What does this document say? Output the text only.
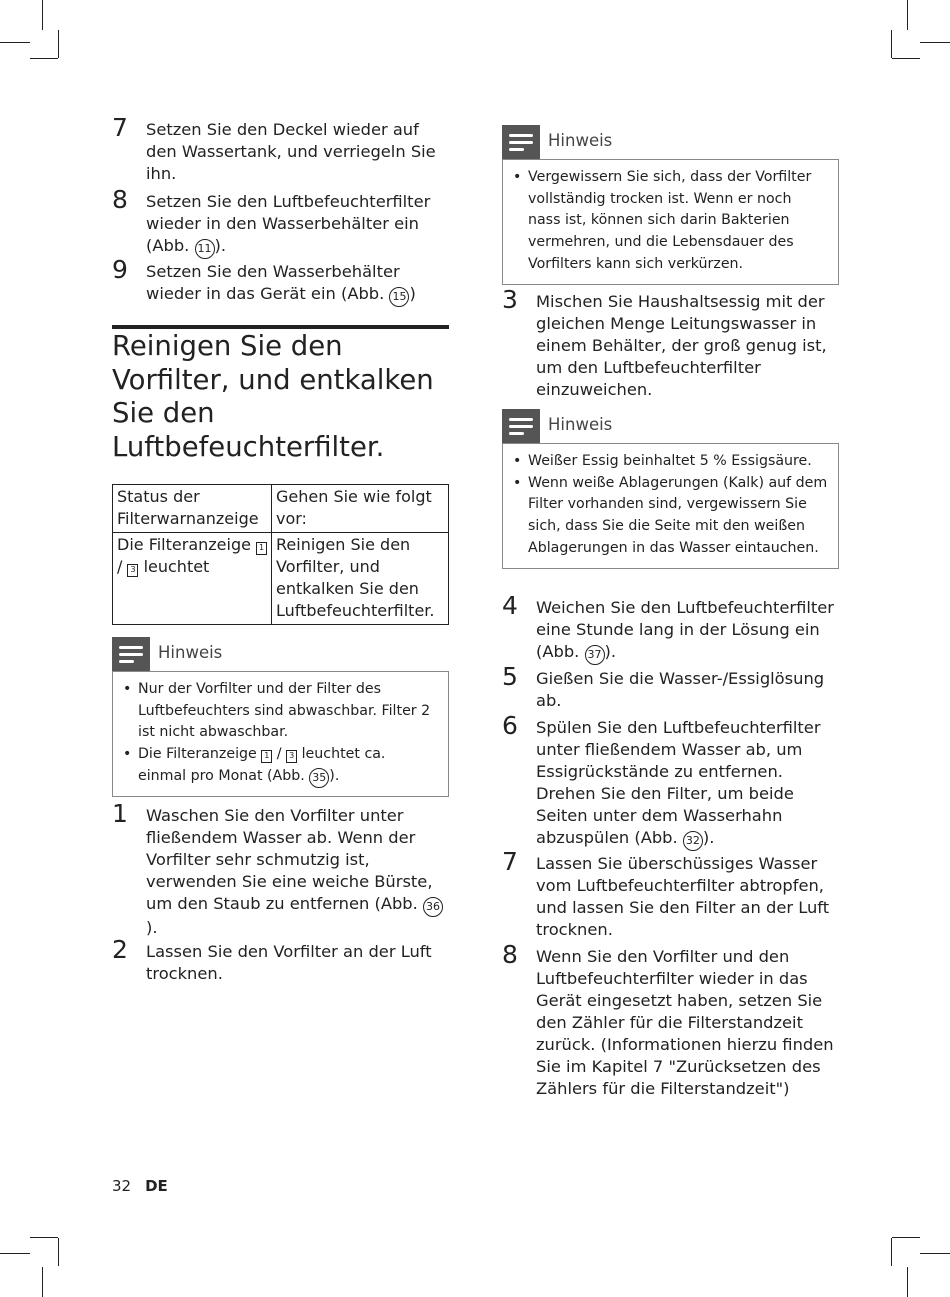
7 Setzen Sie den Deckel wieder auf den Wassertank, und verriegeln Sie ihn.
8 Setzen Sie den Luftbefeuchterfilter wieder in den Wasserbehälter ein (Abb. 11 ).
9 Setzen Sie den Wasserbehälter wieder in das Gerät ein (Abb. 15 )
Reinigen Sie den Vorfilter, und entkalken Sie den Luftbefeuchterfilter.
Status der Filterwarnanzeige	Gehen Sie wie folgt vor:
Die Filteranzeige 1 / 3 leuchtet	Reinigen Sie den Vorfilter, und entkalken Sie den Luftbefeuchterfilter.
Hinweis
• Nur der Vorfilter und der Filter des Luftbefeuchters sind abwaschbar. Filter 2 ist nicht abwaschbar.
• Die Filteranzeige 1 / 3 leuchtet ca. einmal pro Monat (Abb. 35 ).
1 Waschen Sie den Vorfilter unter fließendem Wasser ab. Wenn der Vorfilter sehr schmutzig ist, verwenden Sie eine weiche Bürste, um den Staub zu entfernen (Abb. 36).
2 Lassen Sie den Vorfilter an der Luft trocknen.
Hinweis
• Vergewissern Sie sich, dass der Vorfilter vollständig trocken ist. Wenn er noch nass ist, können sich darin Bakterien vermehren, und die Lebensdauer des Vorfilters kann sich verkürzen.
3 Mischen Sie Haushaltsessig mit der gleichen Menge Leitungswasser in einem Behälter, der groß genug ist, um den Luftbefeuchterfilter einzuweichen.
Hinweis
• Weißer Essig beinhaltet 5 % Essigsäure.
• Wenn weiße Ablagerungen (Kalk) auf dem Filter vorhanden sind, vergewissern Sie sich, dass Sie die Seite mit den weißen Ablagerungen in das Wasser eintauchen.
4 Weichen Sie den Luftbefeuchterfilter eine Stunde lang in der Lösung ein (Abb. 37 ).
5 Gießen Sie die Wasser-/Essiglösung ab.
6 Spülen Sie den Luftbefeuchterfilter unter fließendem Wasser ab, um Essigrückstände zu entfernen. Drehen Sie den Filter, um beide Seiten unter dem Wasserhahn abzuspülen (Abb. 32 ).
7 Lassen Sie überschüssiges Wasser vom Luftbefeuchterfilter abtropfen, und lassen Sie den Filter an der Luft trocknen.
8 Wenn Sie den Vorfilter und den Luftbefeuchterfilter wieder in das Gerät eingesetzt haben, setzen Sie den Zähler für die Filterstandzeit zurück. (Informationen hierzu finden Sie im Kapitel 7 "Zurücksetzen des Zählers für die Filterstandzeit")
32 DE
